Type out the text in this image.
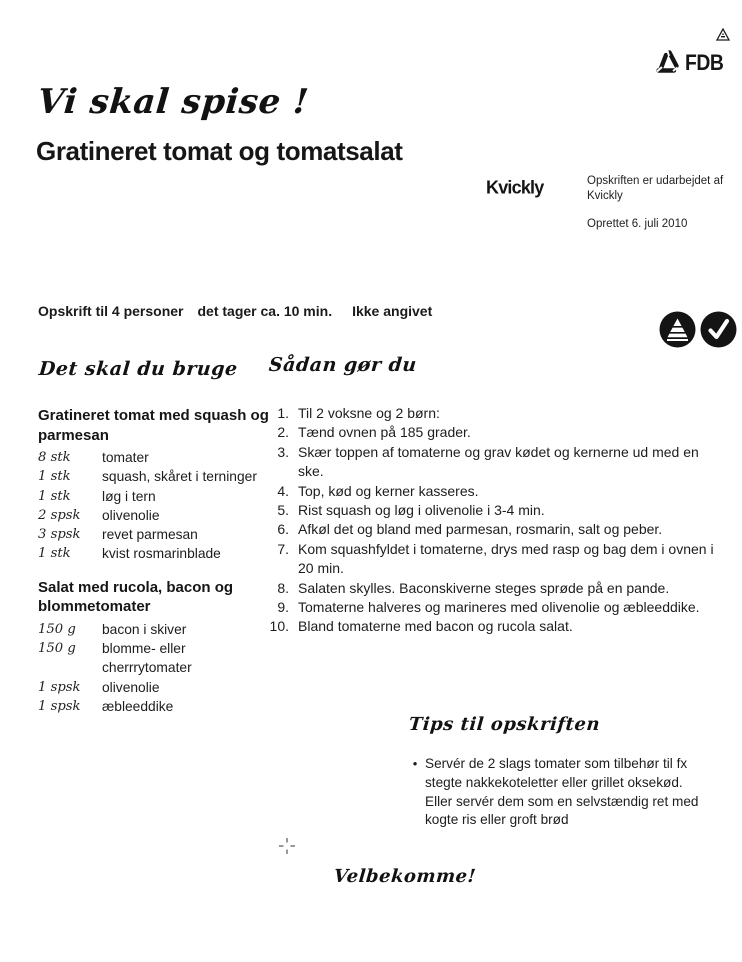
FDB
Vi skal spise !
Gratineret tomat og tomatsalat
Kvickly	Opskriften er udarbejdet af
Kvickly
Oprettet 6. juli 2010
Opskrift til 4 personer det tager ca. 10 min. Ikke angivet
Det skal du bruge
Gratineret tomat med squash og parmesan
8 stk	tomater
1 stk	squash, skåret i terninger
1 stk	løg i tern
2 spsk	olivenolie
3 spsk	revet parmesan
1 stk	kvist rosmarinblade
Salat med rucola, bacon og blommetomater
150 g	bacon i skiver
150 g	blomme- eller cherrrytomater
1 spsk	olivenolie
1 spsk	æbleeddike
Sådan gør du
1. Til 2 voksne og 2 børn:
2. Tænd ovnen på 185 grader.
3. Skær toppen af tomaterne og grav kødet og kernerne ud med en ske.
4. Top, kød og kerner kasseres.
5. Rist squash og løg i olivenolie i 3-4 min.
6. Afkøl det og bland med parmesan, rosmarin, salt og peber.
7. Kom squashfyldet i tomaterne, drys med rasp og bag dem i ovnen i 20 min.
8. Salaten skylles. Baconskiverne steges sprøde på en pande.
9. Tomaterne halveres og marineres med olivenolie og æbleeddike.
10. Bland tomaterne med bacon og rucola salat.
Tips til opskriften
• Servér de 2 slags tomater som tilbehør til fx stegte nakkekoteletter eller grillet oksekød. Eller servér dem som en selvstændig ret med kogte ris eller groft brød
Velbekomme!
